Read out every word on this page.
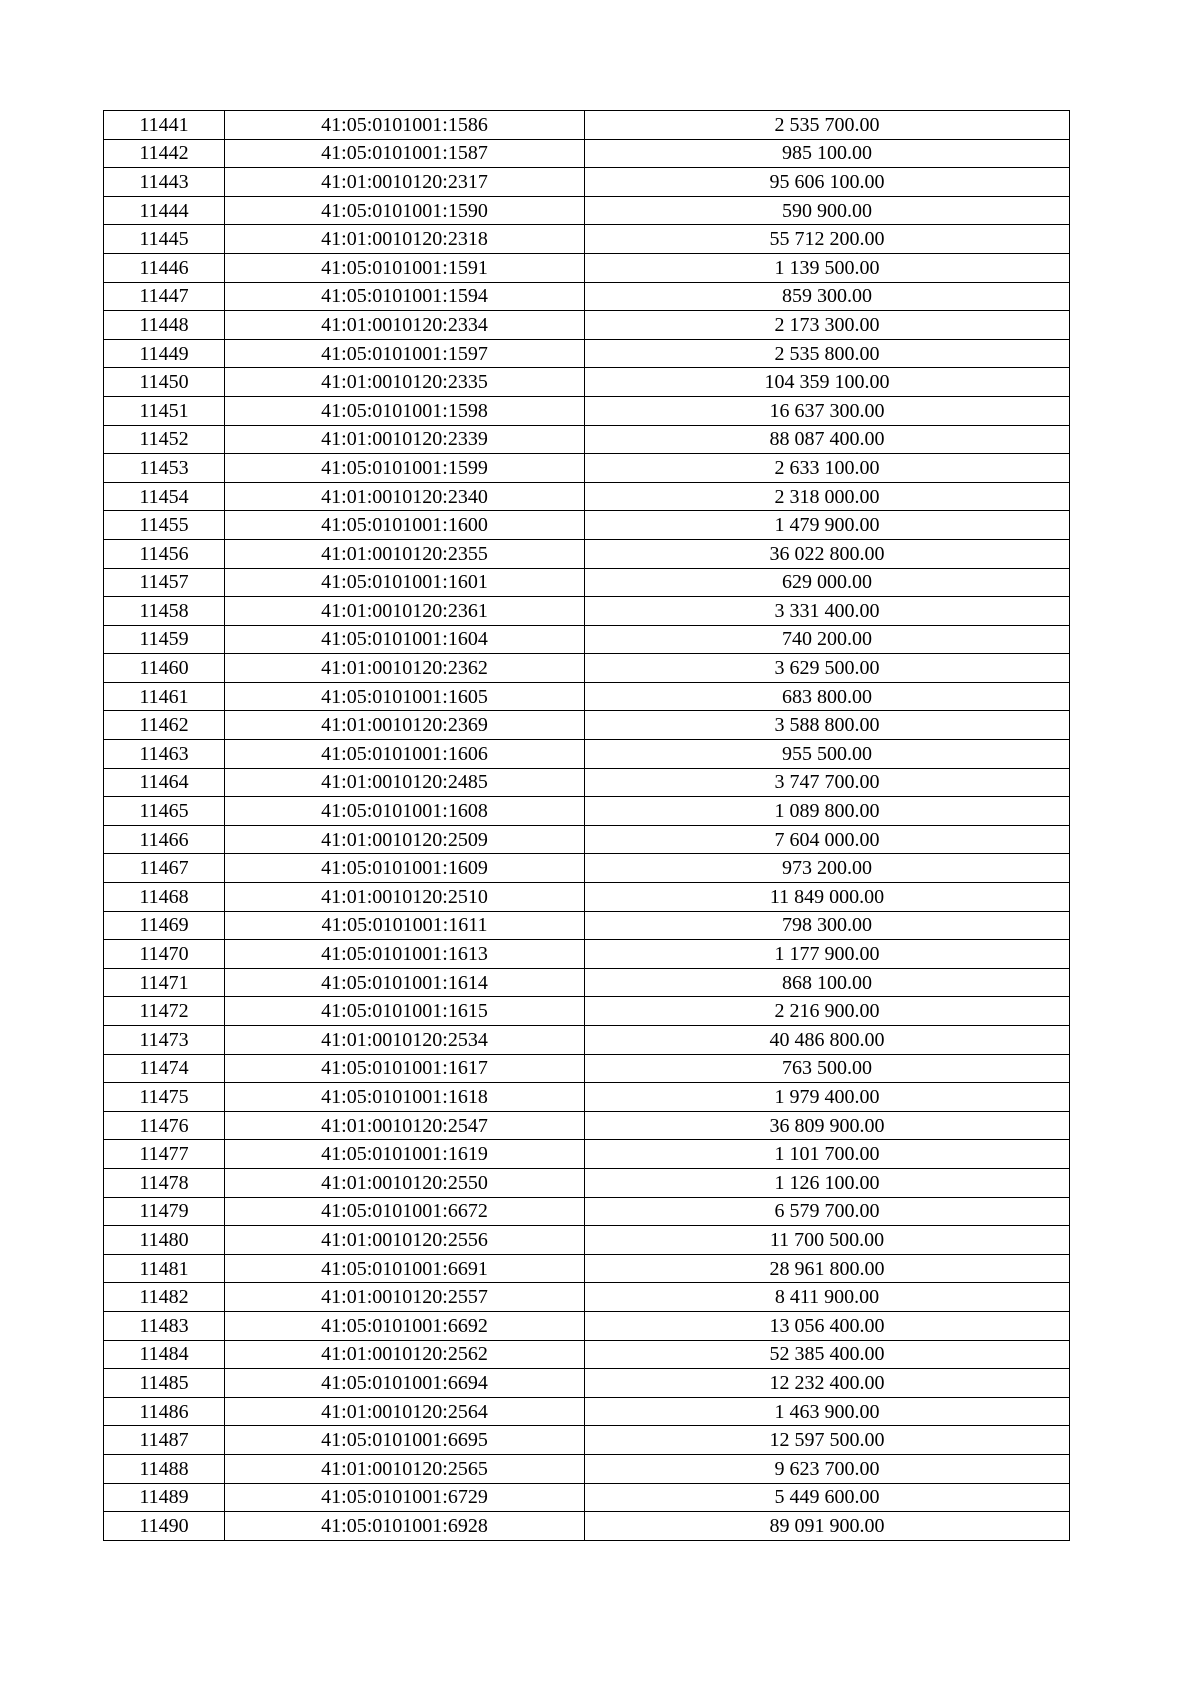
11441	41:05:0101001:1586	2 535 700.00
11442	41:05:0101001:1587	985 100.00
11443	41:01:0010120:2317	95 606 100.00
11444	41:05:0101001:1590	590 900.00
11445	41:01:0010120:2318	55 712 200.00
11446	41:05:0101001:1591	1 139 500.00
11447	41:05:0101001:1594	859 300.00
11448	41:01:0010120:2334	2 173 300.00
11449	41:05:0101001:1597	2 535 800.00
11450	41:01:0010120:2335	104 359 100.00
11451	41:05:0101001:1598	16 637 300.00
11452	41:01:0010120:2339	88 087 400.00
11453	41:05:0101001:1599	2 633 100.00
11454	41:01:0010120:2340	2 318 000.00
11455	41:05:0101001:1600	1 479 900.00
11456	41:01:0010120:2355	36 022 800.00
11457	41:05:0101001:1601	629 000.00
11458	41:01:0010120:2361	3 331 400.00
11459	41:05:0101001:1604	740 200.00
11460	41:01:0010120:2362	3 629 500.00
11461	41:05:0101001:1605	683 800.00
11462	41:01:0010120:2369	3 588 800.00
11463	41:05:0101001:1606	955 500.00
11464	41:01:0010120:2485	3 747 700.00
11465	41:05:0101001:1608	1 089 800.00
11466	41:01:0010120:2509	7 604 000.00
11467	41:05:0101001:1609	973 200.00
11468	41:01:0010120:2510	11 849 000.00
11469	41:05:0101001:1611	798 300.00
11470	41:05:0101001:1613	1 177 900.00
11471	41:05:0101001:1614	868 100.00
11472	41:05:0101001:1615	2 216 900.00
11473	41:01:0010120:2534	40 486 800.00
11474	41:05:0101001:1617	763 500.00
11475	41:05:0101001:1618	1 979 400.00
11476	41:01:0010120:2547	36 809 900.00
11477	41:05:0101001:1619	1 101 700.00
11478	41:01:0010120:2550	1 126 100.00
11479	41:05:0101001:6672	6 579 700.00
11480	41:01:0010120:2556	11 700 500.00
11481	41:05:0101001:6691	28 961 800.00
11482	41:01:0010120:2557	8 411 900.00
11483	41:05:0101001:6692	13 056 400.00
11484	41:01:0010120:2562	52 385 400.00
11485	41:05:0101001:6694	12 232 400.00
11486	41:01:0010120:2564	1 463 900.00
11487	41:05:0101001:6695	12 597 500.00
11488	41:01:0010120:2565	9 623 700.00
11489	41:05:0101001:6729	5 449 600.00
11490	41:05:0101001:6928	89 091 900.00
